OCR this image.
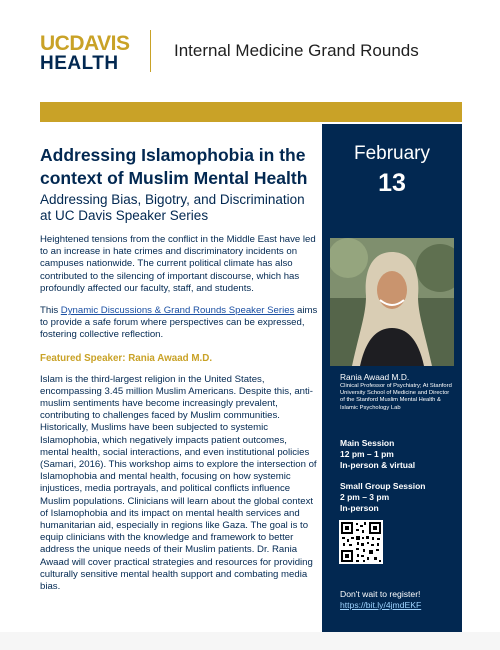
UCDAVIS
HEALTH
Internal Medicine Grand Rounds
Addressing Islamophobia in the context of Muslim Mental Health
Addressing Bias, Bigotry, and Discrimination at UC Davis Speaker Series

Heightened tensions from the conflict in the Middle East have led to an increase in hate crimes and discriminatory incidents on campuses nationwide. The current political climate has also contributed to the silencing of important discourse, which has profoundly affected our faculty, staff, and students.

This Dynamic Discussions & Grand Rounds Speaker Series aims to provide a safe forum where perspectives can be expressed, fostering collective reflection.

Featured Speaker: Rania Awaad M.D.

Islam is the third-largest religion in the United States, encompassing 3.45 million Muslim Americans. Despite this, anti-muslim sentiments have become increasingly prevalent, contributing to challenges faced by Muslim communities. Historically, Muslims have been subjected to systemic Islamophobia, which negatively impacts patient outcomes, mental health, social interactions, and even institutional policies (Samari, 2016). This workshop aims to explore the intersection of Islamophobia and mental health, focusing on how systemic injustices, media portrayals, and political conflicts influence Muslim populations. Clinicians will learn about the global context of Islamophobia and its impact on mental health services and humanitarian aid, especially in regions like Gaza. The goal is to equip clinicians with the knowledge and framework to better address the unique needs of their Muslim patients. Dr. Rania Awaad will cover practical strategies and resources for providing culturally sensitive mental health support and combating media bias.

February
13
Rania Awaad M.D.
Clinical Professor of Psychiatry; At Stanford University School of Medicine and Director of the Stanford Muslim Mental Health & Islamic Psychology Lab
Main Session
12 pm – 1 pm
In-person & virtual
Small Group Session
2 pm – 3 pm
In-person
Don't wait to register!
https://bit.ly/4jmdEKF
